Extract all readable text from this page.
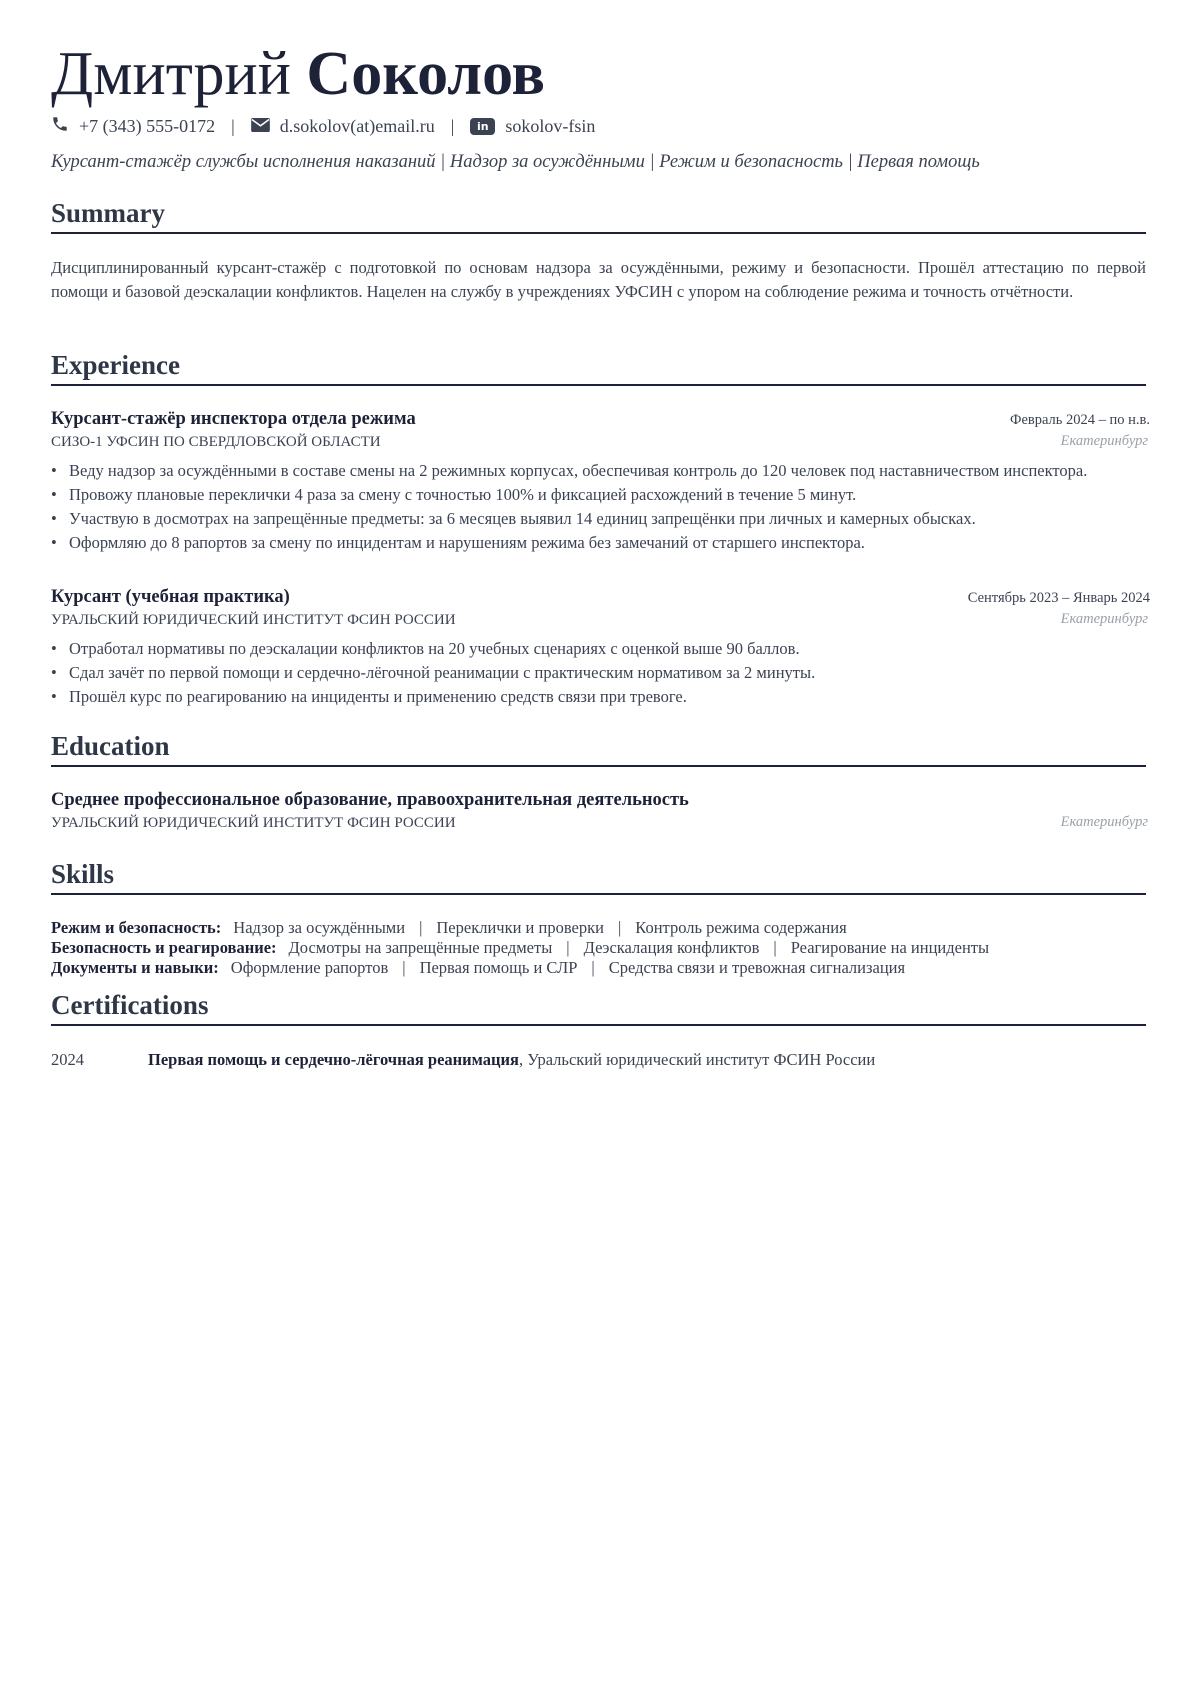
Дмитрий Соколов
+7 (343) 555-0172 |	d.sokolov(at)email.ru |	in sokolov-fsin
Курсант-стажёр службы исполнения наказаний | Надзор за осуждёнными | Режим и безопасность | Первая помощь
Summary
Дисциплинированный курсант-стажёр с подготовкой по основам надзора за осуждёнными, режиму и безопасности. Прошёл аттестацию по первой помощи и базовой деэскалации конфликтов. Нацелен на службу в учреждениях УФСИН с упором на соблюдение режима и точность отчётности.
Experience
Курсант-стажёр инспектора отдела режима	Февраль 2024 – по н.в.
СИЗО-1 УФСИН ПО СВЕРДЛОВСКОЙ ОБЛАСТИ	Екатеринбург
• Веду надзор за осуждёнными в составе смены на 2 режимных корпусах, обеспечивая контроль до 120 человек под наставничеством инспектора.
• Провожу плановые переклички 4 раза за смену с точностью 100% и фиксацией расхождений в течение 5 минут.
• Участвую в досмотрах на запрещённые предметы: за 6 месяцев выявил 14 единиц запрещёнки при личных и камерных обысках.
• Оформляю до 8 рапортов за смену по инцидентам и нарушениям режима без замечаний от старшего инспектора.
Курсант (учебная практика)	Сентябрь 2023 – Январь 2024
УРАЛЬСКИЙ ЮРИДИЧЕСКИЙ ИНСТИТУТ ФСИН РОССИИ	Екатеринбург
• Отработал нормативы по деэскалации конфликтов на 20 учебных сценариях с оценкой выше 90 баллов.
• Сдал зачёт по первой помощи и сердечно-лёгочной реанимации с практическим нормативом за 2 минуты.
• Прошёл курс по реагированию на инциденты и применению средств связи при тревоге.
Education
Среднее профессиональное образование, правоохранительная деятельность
УРАЛЬСКИЙ ЮРИДИЧЕСКИЙ ИНСТИТУТ ФСИН РОССИИ	Екатеринбург
Skills
Режим и безопасность: Надзор за осуждёнными | Переклички и проверки | Контроль режима содержания
Безопасность и реагирование: Досмотры на запрещённые предметы | Деэскалация конфликтов | Реагирование на инциденты
Документы и навыки: Оформление рапортов | Первая помощь и СЛР | Средства связи и тревожная сигнализация
Certifications
2024	Первая помощь и сердечно-лёгочная реанимация, Уральский юридический институт ФСИН России
